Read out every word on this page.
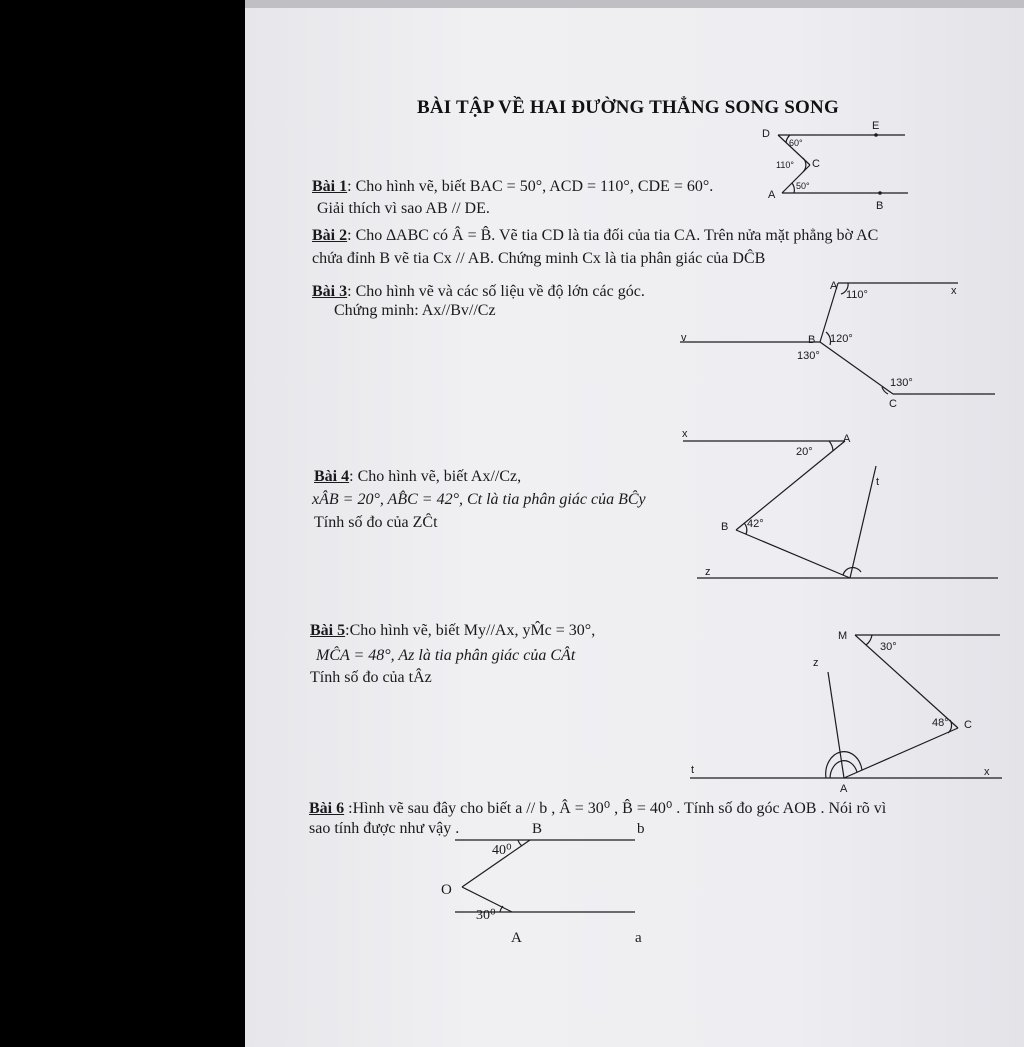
BÀI TẬP VỀ HAI ĐƯỜNG THẲNG SONG SONG
Bài 1: Cho hình vẽ, biết BAC = 50°, ACD = 110°, CDE = 60°.
Giải thích vì sao AB // DE.
Bài 2: Cho ∆ABC có Â = B̂. Vẽ tia CD là tia đối của tia CA. Trên nửa mặt phẳng bờ AC
chứa đỉnh B vẽ tia Cx // AB. Chứng minh Cx là tia phân giác của DĈB
Bài 3: Cho hình vẽ và các số liệu về độ lớn các góc.
Chứng minh: Ax//Bv//Cz
Bài 4: Cho hình vẽ, biết Ax//Cz,
xÂB = 20°, AB̂C = 42°, Ct là tia phân giác của BĈy
Tính số đo của ZĈt
Bài 5:Cho hình vẽ, biết My//Ax, yM̂c = 30°,
MĈA = 48°, Az là tia phân giác của CÂt
Tính số đo của tÂz
Bài 6 :Hình vẽ sau đây cho biết a // b , Â = 30⁰ , B̂ = 40⁰ . Tính số đo góc AOB . Nói rõ vì
sao tính được như vậy .
D
E
C
A
B
60°
110°
50°
A	x
v	B
C
110°
120°
130°
130°
x	A
t
B
z
20°
42°
M
z
C
t
A
x
30°
48°
B	b
O
A	a
40⁰
30⁰
